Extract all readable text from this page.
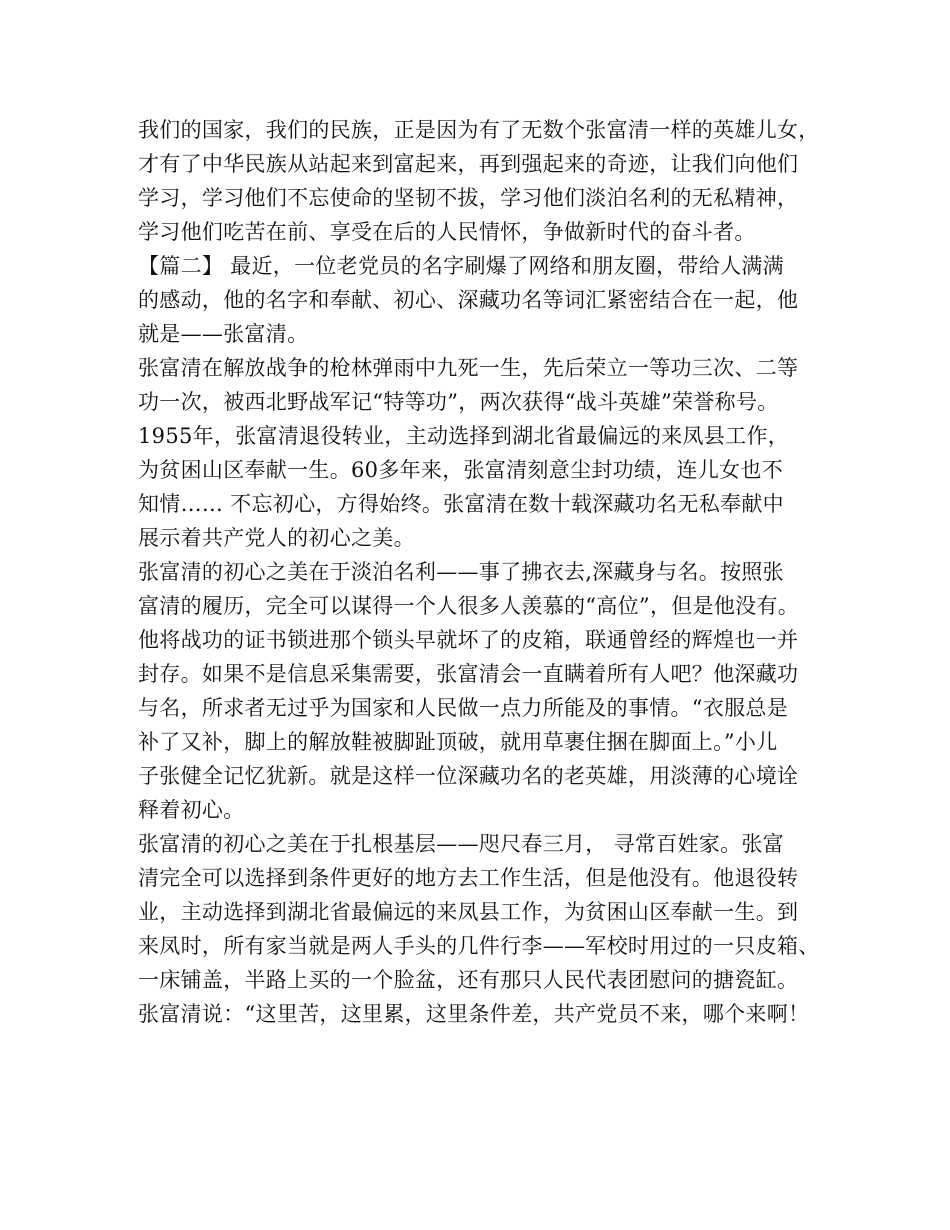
我们的国家，我们的民族，正是因为有了无数个张富清一样的英雄儿女，
才有了中华民族从站起来到富起来，再到强起来的奇迹，让我们向他们
学习，学习他们不忘使命的坚韧不拔，学习他们淡泊名利的无私精神，
学习他们吃苦在前、享受在后的人民情怀，争做新时代的奋斗者。
【篇二】 最近，一位老党员的名字刷爆了网络和朋友圈，带给人满满
的感动，他的名字和奉献、初心、深藏功名等词汇紧密结合在一起，他
就是——张富清。
张富清在解放战争的枪林弹雨中九死一生，先后荣立一等功三次、二等
功一次，被西北野战军记“特等功”，两次获得“战斗英雄”荣誉称号。
1955年，张富清退役转业，主动选择到湖北省最偏远的来凤县工作，
为贫困山区奉献一生。60多年来，张富清刻意尘封功绩，连儿女也不
知情…… 不忘初心，方得始终。张富清在数十载深藏功名无私奉献中
展示着共产党人的初心之美。
张富清的初心之美在于淡泊名利——事了拂衣去,深藏身与名。按照张
富清的履历，完全可以谋得一个人很多人羡慕的“高位”，但是他没有。
他将战功的证书锁进那个锁头早就坏了的皮箱，联通曾经的辉煌也一并
封存。如果不是信息采集需要，张富清会一直瞒着所有人吧？他深藏功
与名，所求者无过乎为国家和人民做一点力所能及的事情。“衣服总是
补了又补，脚上的解放鞋被脚趾顶破，就用草裹住捆在脚面上。”小儿
子张健全记忆犹新。就是这样一位深藏功名的老英雄，用淡薄的心境诠
释着初心。
张富清的初心之美在于扎根基层——咫尺春三月， 寻常百姓家。张富
清完全可以选择到条件更好的地方去工作生活，但是他没有。他退役转
业，主动选择到湖北省最偏远的来凤县工作，为贫困山区奉献一生。到
来凤时，所有家当就是两人手头的几件行李——军校时用过的一只皮箱、
一床铺盖，半路上买的一个脸盆，还有那只人民代表团慰问的搪瓷缸。
张富清说：“这里苦，这里累，这里条件差，共产党员不来，哪个来啊！
